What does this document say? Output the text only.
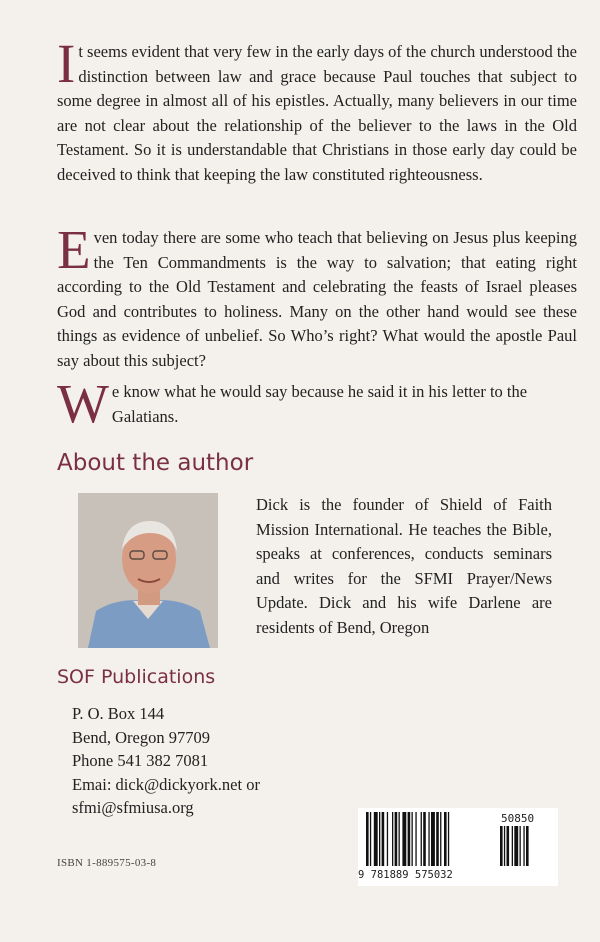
It seems evident that very few in the early days of the church understood the distinction between law and grace because Paul touches that subject to some degree in almost all of his epistles. Actually, many believers in our time are not clear about the relationship of the believer to the laws in the Old Testament. So it is understandable that Christians in those early day could be deceived to think that keeping the law constituted righteousness.
Even today there are some who teach that believing on Jesus plus keeping the Ten Commandments is the way to salvation; that eating right according to the Old Testament and celebrating the feasts of Israel pleases God and contributes to holiness. Many on the other hand would see these things as evidence of unbelief. So Who’s right? What would the apostle Paul say about this subject?
We know what he would say because he said it in his letter to the Galatians.
About the author
Dick is the founder of Shield of Faith Mission International. He teaches the Bible, speaks at conferences, conducts seminars and writes for the SFMI Prayer/News Update. Dick and his wife Darlene are residents of Bend, Oregon
SOF Publications
P. O. Box 144
Bend, Oregon 97709
Phone 541 382 7081
Emai: dick@dickyork.net or
sfmi@sfmiusa.org
ISBN 1-889575-03-8
50850
9 781889 575032
